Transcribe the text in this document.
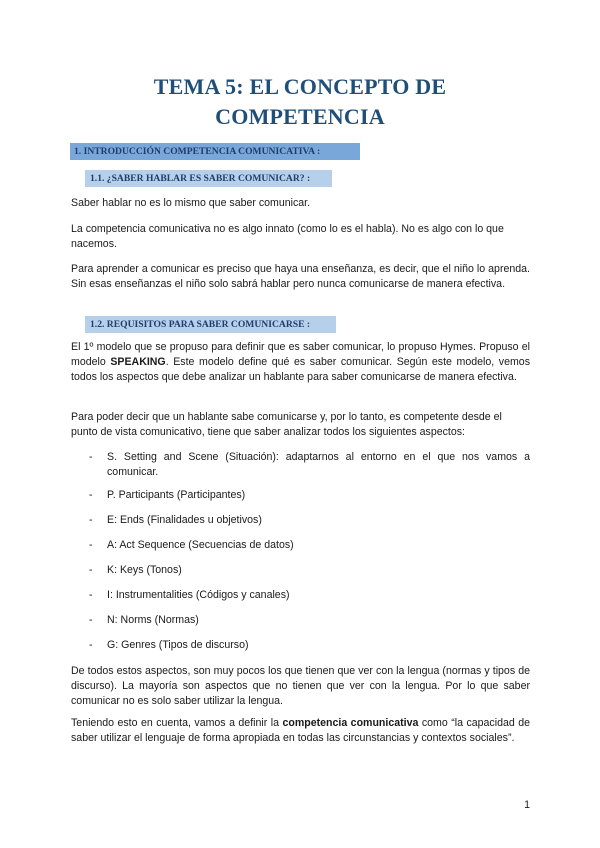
TEMA 5: EL CONCEPTO DE
COMPETENCIA
1. INTRODUCCIÓN COMPETENCIA COMUNICATIVA :
1.1. ¿SABER HABLAR ES SABER COMUNICAR? :

Saber hablar no es lo mismo que saber comunicar.

La competencia comunicativa no es algo innato (como lo es el habla). No es algo con lo que nacemos.

Para aprender a comunicar es preciso que haya una enseñanza, es decir, que el niño lo aprenda. Sin esas enseñanzas el niño solo sabrá hablar pero nunca comunicarse de manera efectiva.

1.2. REQUISITOS PARA SABER COMUNICARSE :

El 1º modelo que se propuso para definir que es saber comunicar, lo propuso Hymes. Propuso el modelo SPEAKING. Este modelo define qué es saber comunicar. Según este modelo, vemos todos los aspectos que debe analizar un hablante para saber comunicarse de manera efectiva.

Para poder decir que un hablante sabe comunicarse y, por lo tanto, es competente desde el punto de vista comunicativo, tiene que saber analizar todos los siguientes aspectos:

-	S. Setting and Scene (Situación): adaptarnos al entorno en el que nos vamos a comunicar.
-	P. Participants (Participantes)
-	E: Ends (Finalidades u objetivos)
-	A: Act Sequence (Secuencias de datos)
-	K: Keys (Tonos)
-	I: Instrumentalities (Códigos y canales)
-	N: Norms (Normas)
-	G: Genres (Tipos de discurso)

De todos estos aspectos, son muy pocos los que tienen que ver con la lengua (normas y tipos de discurso). La mayoría son aspectos que no tienen que ver con la lengua. Por lo que saber comunicar no es solo saber utilizar la lengua.

Teniendo esto en cuenta, vamos a definir la competencia comunicativa como “la capacidad de saber utilizar el lenguaje de forma apropiada en todas las circunstancias y contextos sociales”.

1
